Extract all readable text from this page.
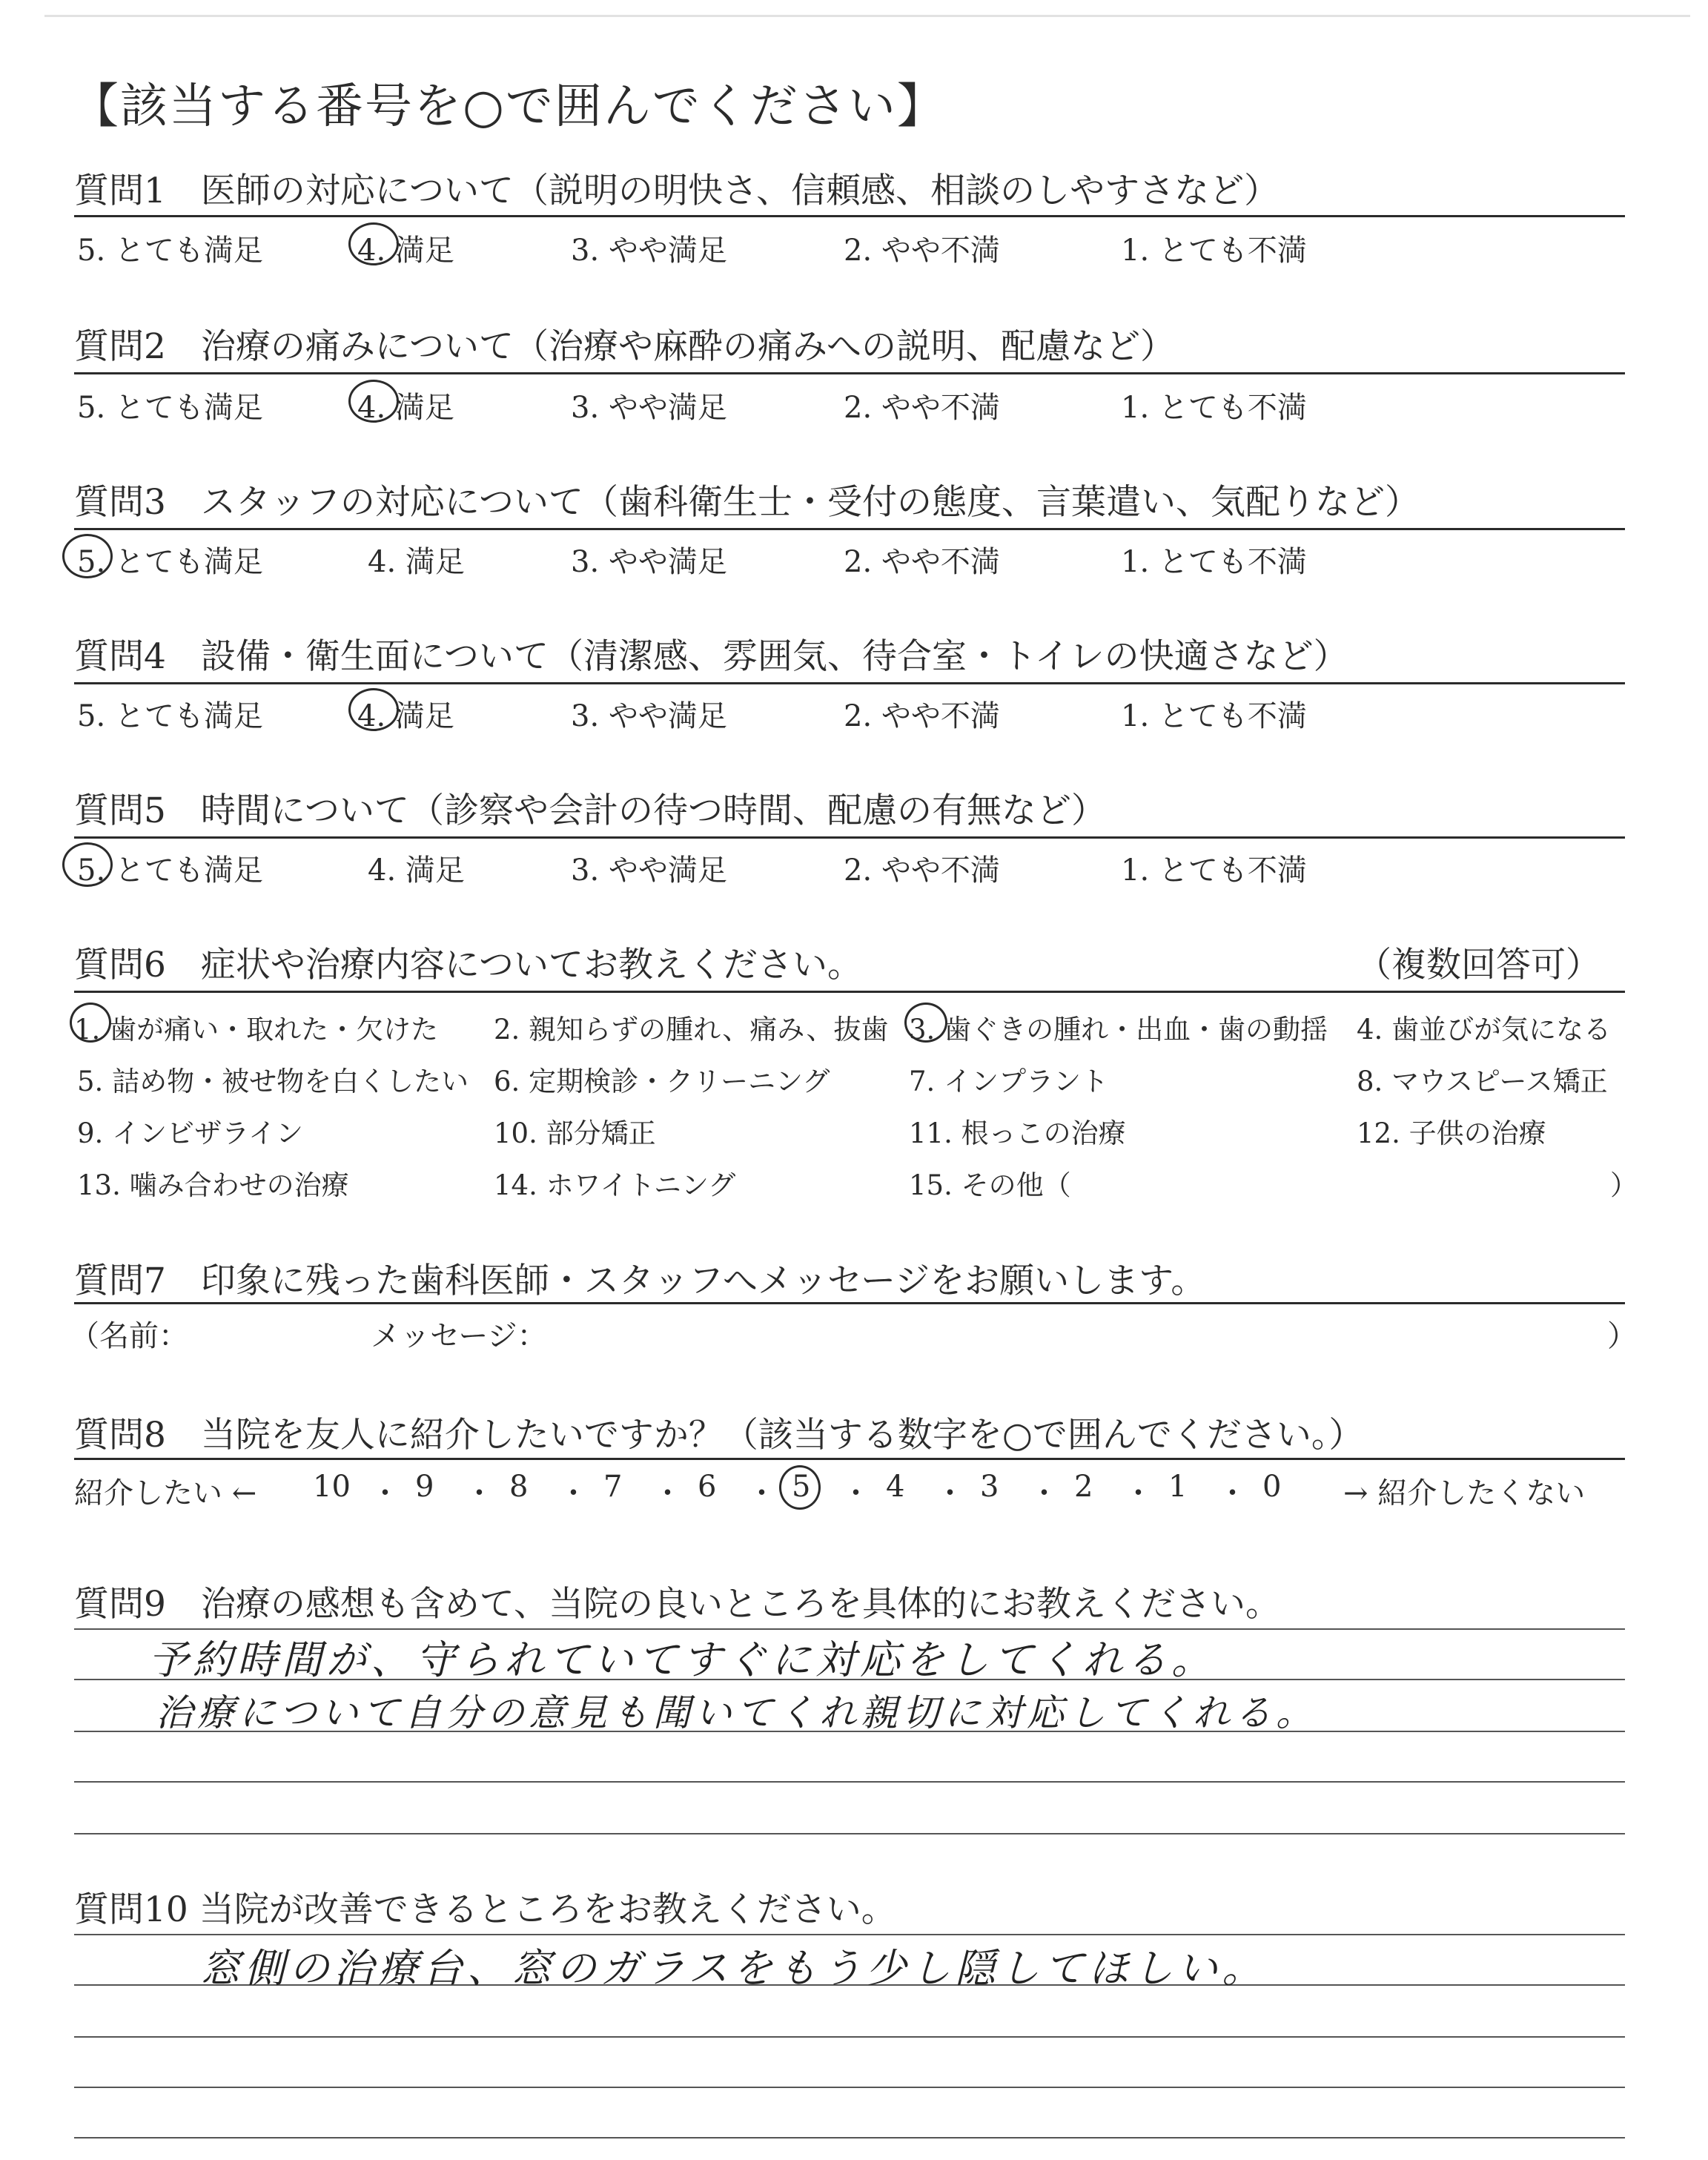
【該当する番号を○で囲んでください】
質問1　医師の対応について（説明の明快さ、信頼感、相談のしやすさなど）
5. とても満足	4. 満足	3. やや満足	2. やや不満	1. とても不満
質問2　治療の痛みについて（治療や麻酔の痛みへの説明、配慮など）
5. とても満足	4. 満足	3. やや満足	2. やや不満	1. とても不満
質問3　スタッフの対応について（歯科衛生士・受付の態度、言葉遣い、気配りなど）
5. とても満足	4. 満足	3. やや満足	2. やや不満	1. とても不満
質問4　設備・衛生面について（清潔感、雰囲気、待合室・トイレの快適さなど）
5. とても満足	4. 満足	3. やや満足	2. やや不満	1. とても不満
質問5　時間について（診察や会計の待つ時間、配慮の有無など）
5. とても満足	4. 満足	3. やや満足	2. やや不満	1. とても不満
質問6　症状や治療内容についてお教えください。	（複数回答可）
1. 歯が痛い・取れた・欠けた 2. 親知らずの腫れ、痛み、抜歯 3. 歯ぐきの腫れ・出血・歯の動揺 4. 歯並びが気になる
5. 詰め物・被せ物を白くしたい 6. 定期検診・クリーニング	7. インプラント	8. マウスピース矯正
9. インビザライン	10. 部分矯正	11. 根っこの治療	12. 子供の治療
13. 噛み合わせの治療	14. ホワイトニング	15. その他（	）
質問7　印象に残った歯科医師・スタッフへメッセージをお願いします。
（名前：	メッセージ：	）
質問8　当院を友人に紹介したいですか？（該当する数字を○で囲んでください。）
紹介したい ←	→ 紹介したくない
10 ・ 9 ・ 8 ・ 7 ・ 6 ・ 5 ・ 4 ・ 3 ・ 2 ・ 1 ・ 0
質問9　治療の感想も含めて、当院の良いところを具体的にお教えください。
予約時間が、守られていてすぐに対応をしてくれる。
治療について自分の意見も聞いてくれ親切に対応してくれる。
質問10 当院が改善できるところをお教えください。
窓側の治療台、窓のガラスをもう少し隠してほしい。
